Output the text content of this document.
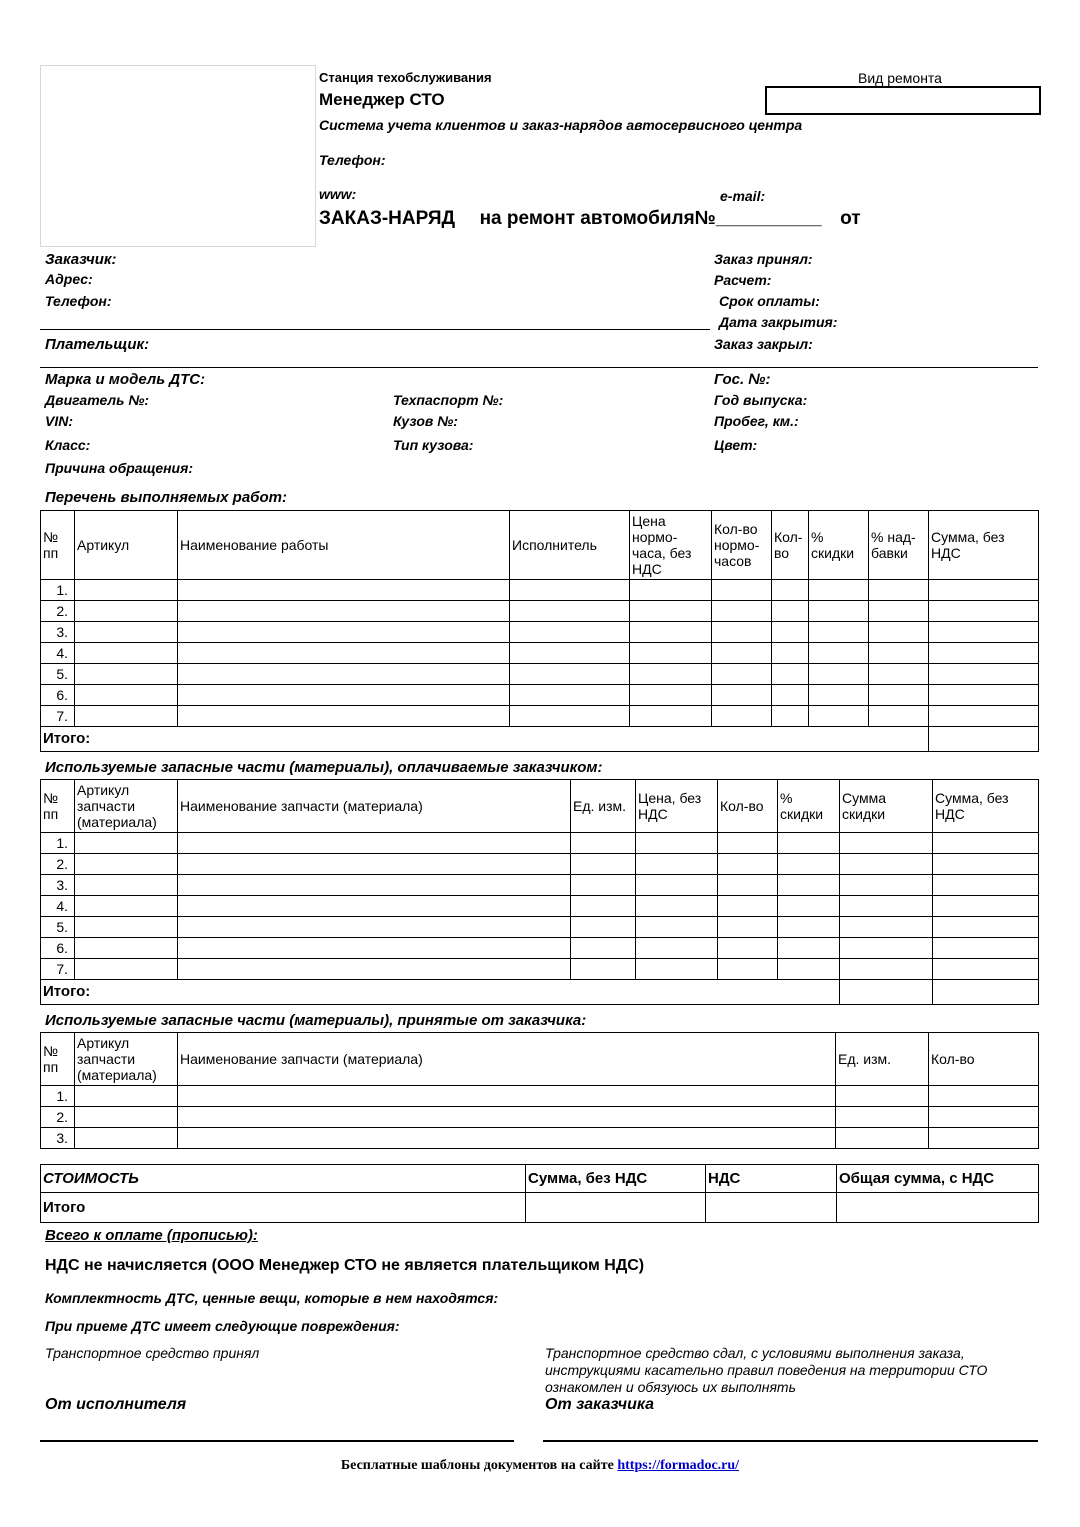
Станция техобслуживания
Менеджер СТО
Система учета клиентов и заказ-нарядов автосервисного центра
Телефон:
www:	e-mail:
Вид ремонта
ЗАКАЗ-НАРЯД на ремонт автомобиля№__________ от
Заказчик:
Адрес:
Телефон:
Плательщик:
Заказ принял:
Расчет:
Срок оплаты:
Дата закрытия:
Заказ закрыл:
Марка и модель ДТС:	Гос. №:
Двигатель №:	Техпаспорт №:	Год выпуска:
VIN:	Кузов №:	Пробег, км.:
Класс:	Тип кузова:	Цвет:
Причина обращения:
Перечень выполняемых работ:
№ пп	Артикул	Наименование работы	Исполнитель	Цена нормо-часа, без НДС	Кол-во нормо-часов	Кол-во	% скидки	% над-бавки	Сумма, без НДС
1.									
2.									
3.									
4.									
5.									
6.									
7.									
Итого:									
Используемые запасные части (материалы), оплачиваемые заказчиком:
№ пп	Артикул запчасти (материала)	Наименование запчасти (материала)	Ед. изм.	Цена, без НДС	Кол-во	% скидки	Сумма скидки	Сумма, без НДС
1.								
2.								
3.								
4.								
5.								
6.								
7.								
Итого:								
Используемые запасные части (материалы), принятые от заказчика:
№ пп	Артикул запчасти (материала)	Наименование запчасти (материала)	Ед. изм.	Кол-во
1.				
2.				
3.				
СТОИМОСТЬ	Сумма, без НДС	НДС	Общая сумма, с НДС
Итого			
Всего к оплате (прописью):
НДС не начисляется (ООО Менеджер СТО не является плательщиком НДС)
Комплектность ДТС, ценные вещи, которые в нем находятся:
При приеме ДТС имеет следующие повреждения:
Транспортное средство принял	Транспортное средство сдал, с условиями выполнения заказа, инструкциями касательно правил поведения на территории СТО ознакомлен и обязуюсь их выполнять
От исполнителя	От заказчика
Бесплатные шаблоны документов на сайте https://formadoc.ru/
